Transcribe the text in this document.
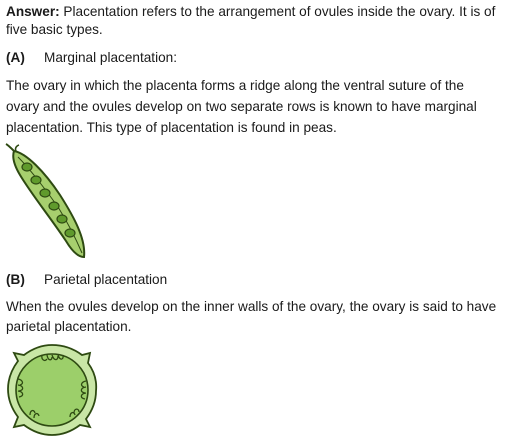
Answer: Placentation refers to the arrangement of ovules inside the ovary. It is of
five basic types.
(A) Marginal placentation:
The ovary in which the placenta forms a ridge along the ventral suture of the
ovary and the ovules develop on two separate rows is known to have marginal
placentation. This type of placentation is found in peas.
(B) Parietal placentation
When the ovules develop on the inner walls of the ovary, the ovary is said to have
parietal placentation.
